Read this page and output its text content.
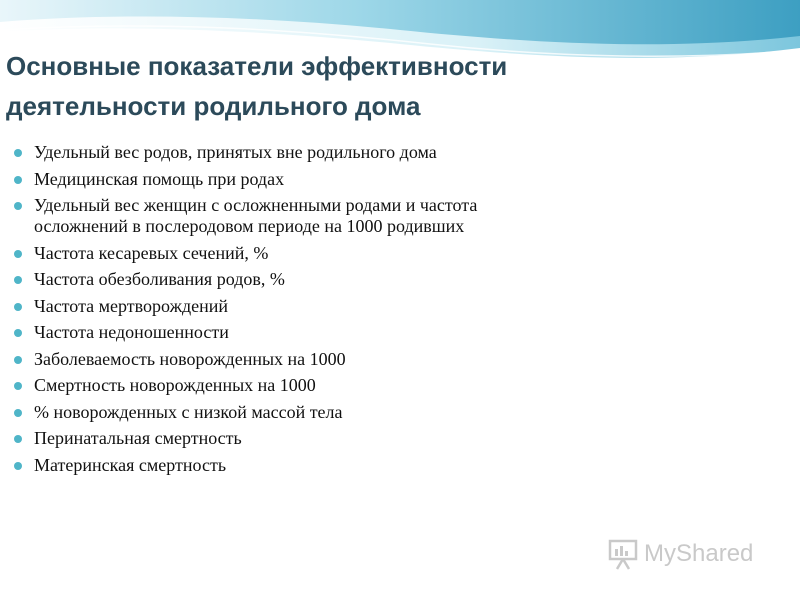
Основные показатели эффективности
деятельности родильного дома
Удельный вес родов, принятых вне родильного дома
Медицинская помощь при родах
Удельный вес женщин с осложненными родами и частота
осложнений в послеродовом периоде на 1000 родивших
Частота кесаревых сечений, %
Частота обезболивания родов, %
Частота мертворождений
Частота недоношенности
Заболеваемость новорожденных на 1000
Смертность новорожденных на 1000
% новорожденных с низкой массой тела
Перинатальная смертность
Материнская смертность
MyShared
